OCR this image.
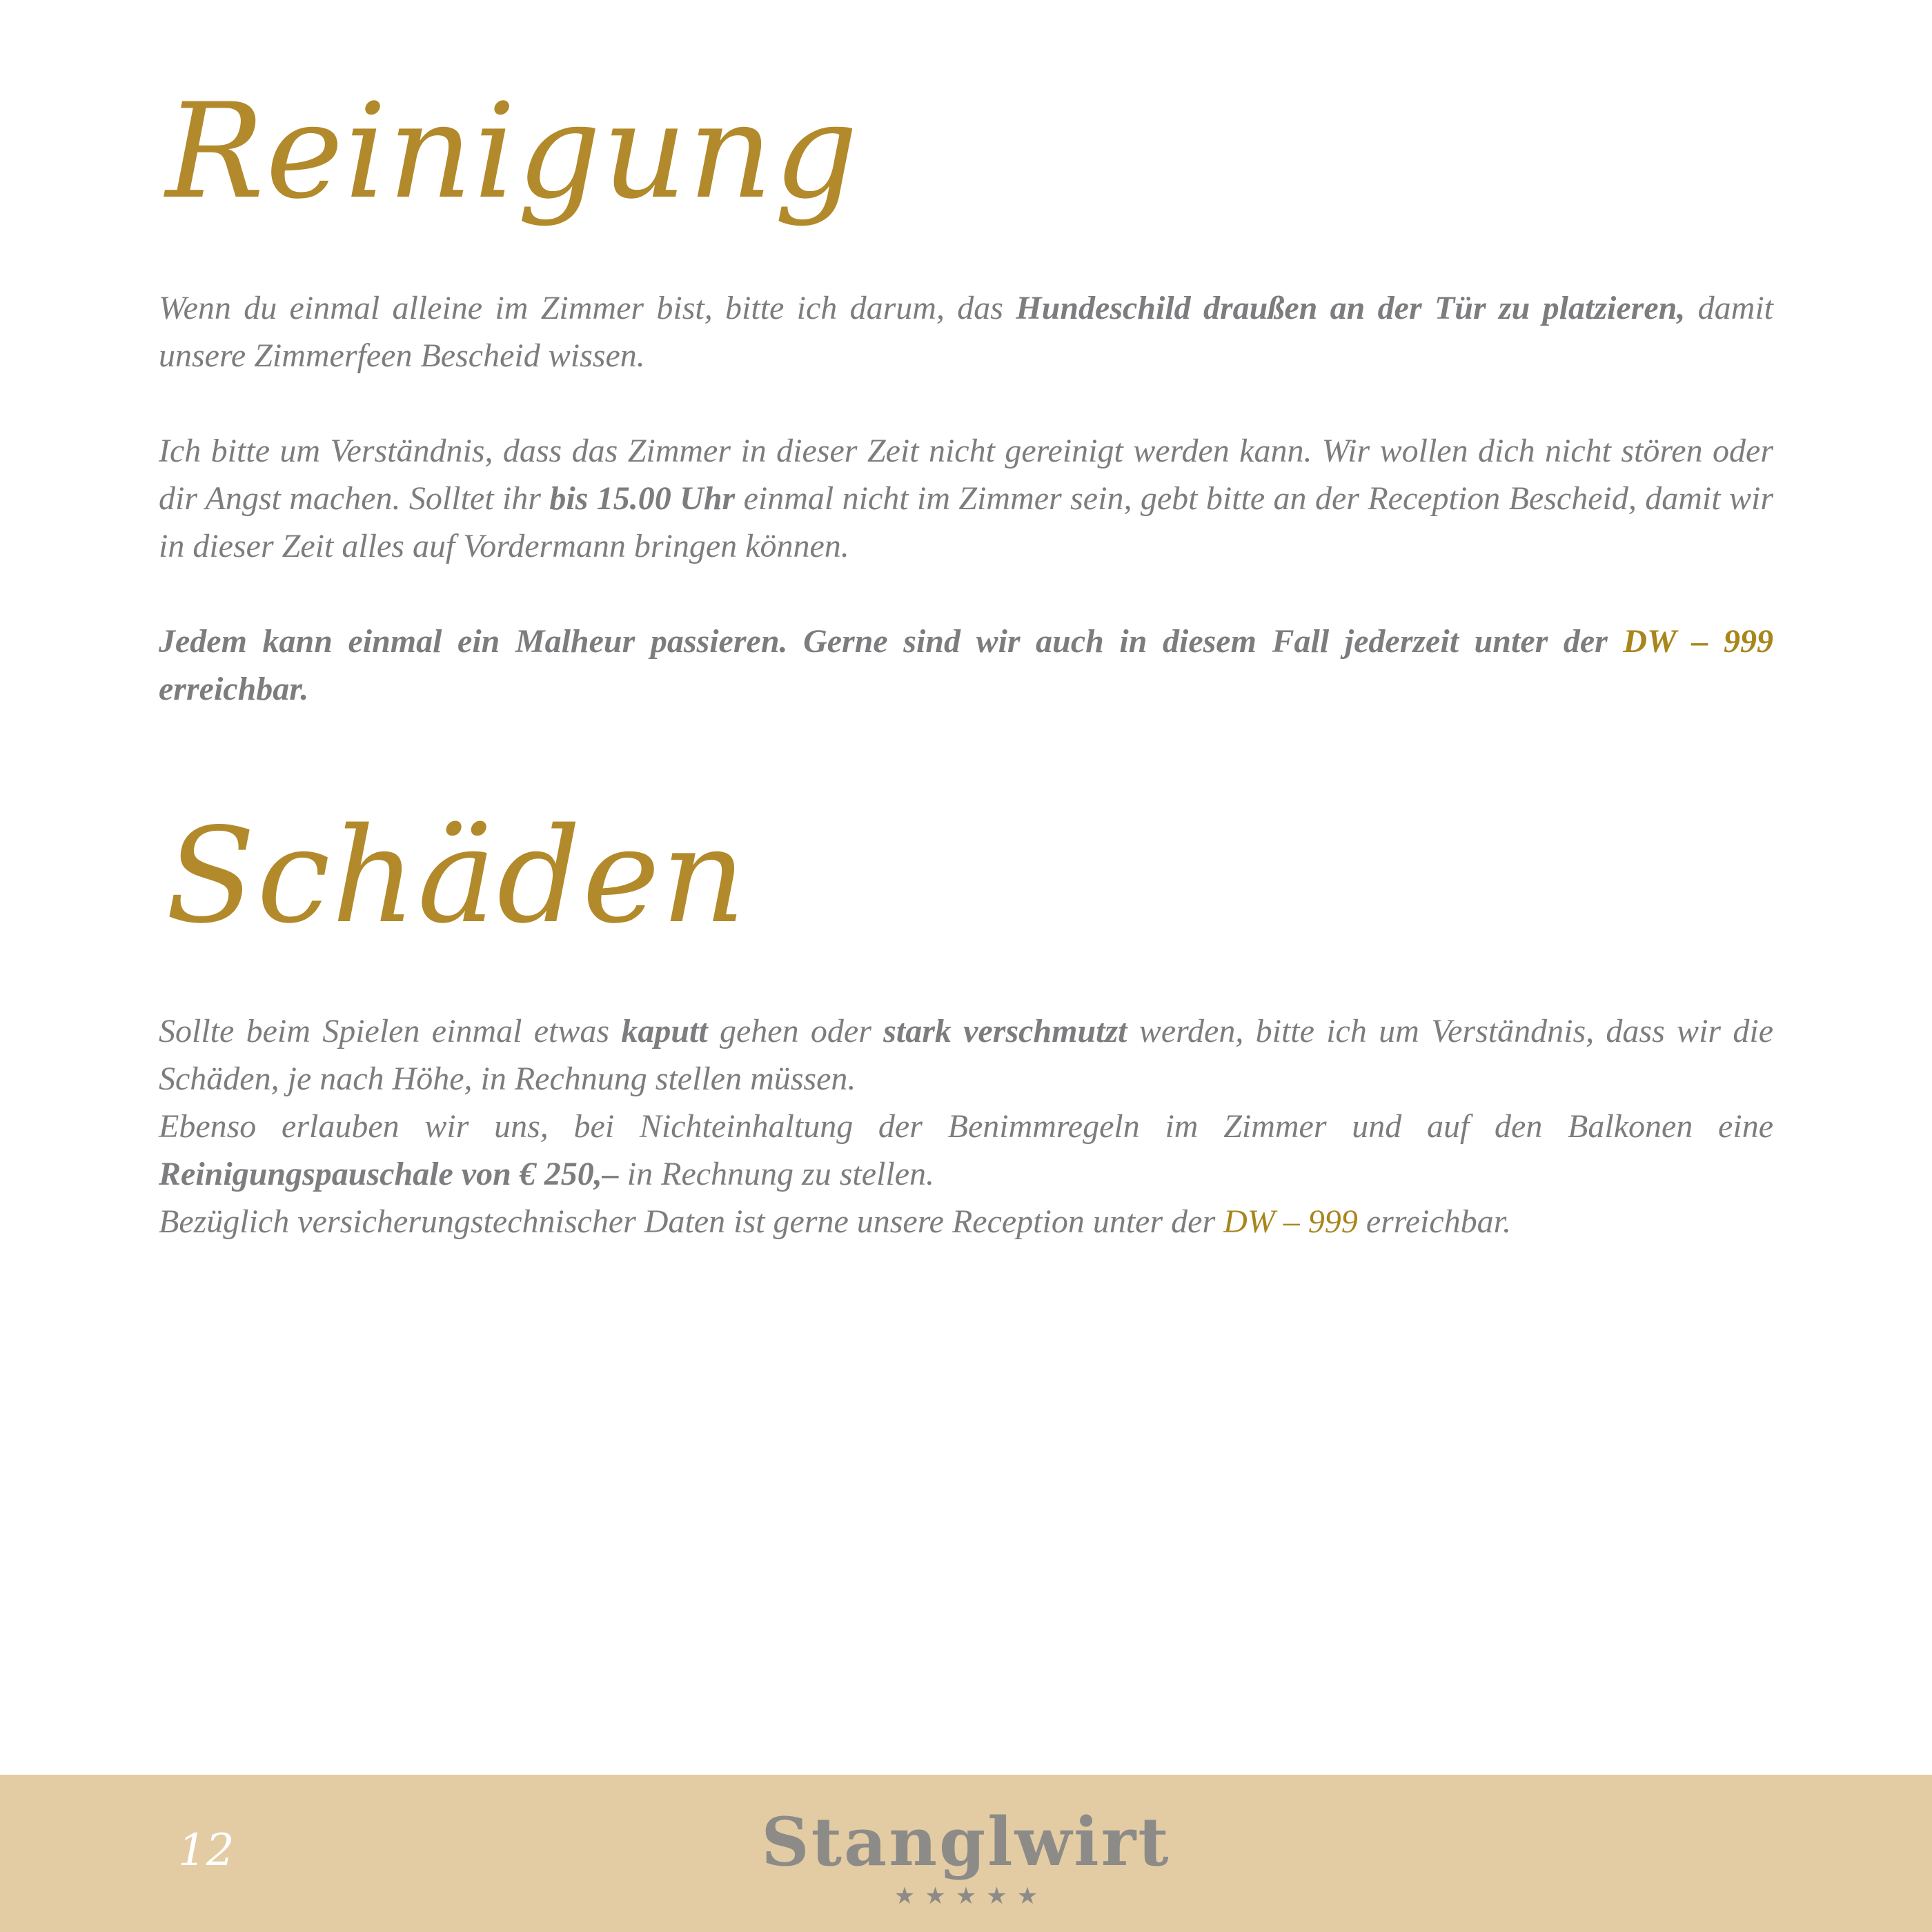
Reinigung

Wenn du einmal alleine im Zimmer bist, bitte ich darum, das Hundeschild draußen an der Tür zu platzieren, damit unsere Zimmerfeen Bescheid wissen.

Ich bitte um Verständnis, dass das Zimmer in dieser Zeit nicht gereinigt werden kann. Wir wollen dich nicht stören oder dir Angst machen. Solltet ihr bis 15.00 Uhr einmal nicht im Zimmer sein, gebt bitte an der Reception Bescheid, damit wir in dieser Zeit alles auf Vordermann bringen können.

Jedem kann einmal ein Malheur passieren. Gerne sind wir auch in diesem Fall jederzeit unter der DW – 999 erreichbar.

Schäden

Sollte beim Spielen einmal etwas kaputt gehen oder stark verschmutzt werden, bitte ich um Verständnis, dass wir die Schäden, je nach Höhe, in Rechnung stellen müssen.

Ebenso erlauben wir uns, bei Nichteinhaltung der Benimmregeln im Zimmer und auf den Balkonen eine Reinigungspauschale von € 250,– in Rechnung zu stellen.

Bezüglich versicherungstechnischer Daten ist gerne unsere Reception unter der DW – 999 erreichbar.

12	Stanglwirt
★★★★★
